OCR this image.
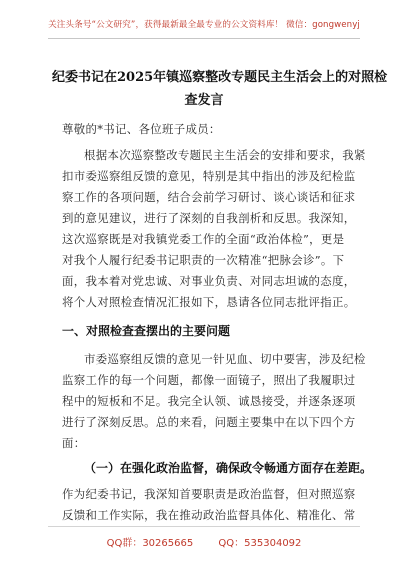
关注头条号“公文研究”，获得最新最全最专业的公文资料库！ 微信：gongwenyj
纪委书记在2025年镇巡察整改专题民主生活会上的对照检
查发言

尊敬的*书记、各位班子成员：

根据本次巡察整改专题民主生活会的安排和要求，我紧

扣市委巡察组反馈的意见，特别是其中指出的涉及纪检监

察工作的各项问题，结合会前学习研讨、谈心谈话和征求

到的意见建议，进行了深刻的自我剖析和反思。我深知，

这次巡察既是对我镇党委工作的全面“政治体检”，更是

对我个人履行纪委书记职责的一次精准“把脉会诊”。下

面，我本着对党忠诚、对事业负责、对同志坦诚的态度，

将个人对照检查情况汇报如下，恳请各位同志批评指正。

一、对照检查查摆出的主要问题

市委巡察组反馈的意见一针见血、切中要害，涉及纪检

监察工作的每一个问题，都像一面镜子，照出了我履职过

程中的短板和不足。我完全认领、诚恳接受，并逐条逐项

进行了深刻反思。总的来看，问题主要集中在以下四个方

面：

（一）在强化政治监督，确保政令畅通方面存在差距。

作为纪委书记，我深知首要职责是政治监督，但对照巡察

反馈和工作实际，我在推动政治监督具体化、精准化、常

QQ群：30265665	QQ：535304092
